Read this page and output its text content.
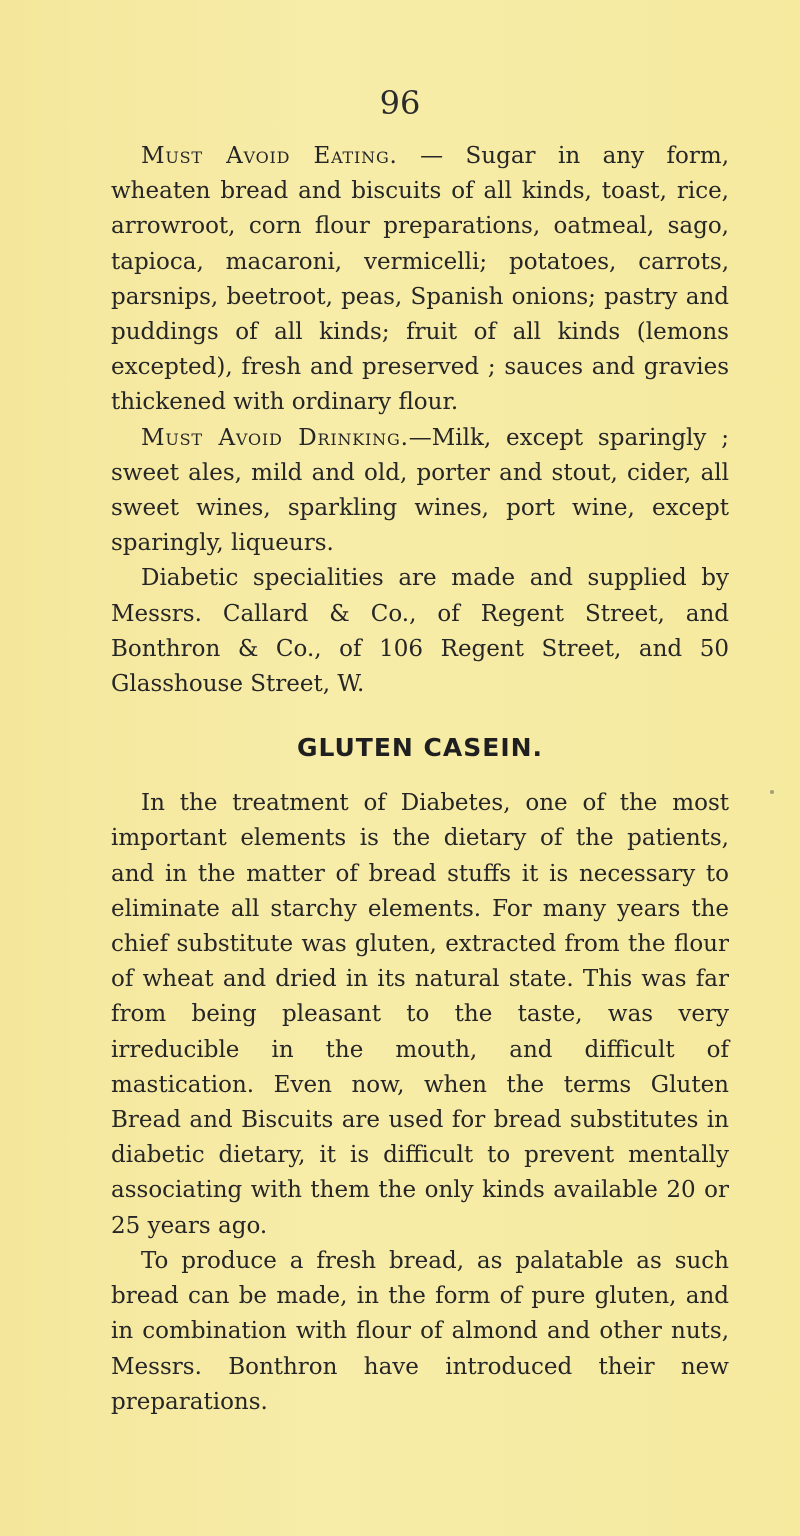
96

Must Avoid Eating. — Sugar in any form, wheaten bread and biscuits of all kinds, toast, rice, arrowroot, corn flour preparations, oatmeal, sago, tapioca, macaroni, vermicelli; potatoes, carrots, parsnips, beetroot, peas, Spanish onions; pastry and puddings of all kinds; fruit of all kinds (lemons excepted), fresh and preserved ; sauces and gravies thickened with ordinary flour.

Must Avoid Drinking.—Milk, except sparingly ; sweet ales, mild and old, porter and stout, cider, all sweet wines, sparkling wines, port wine, except sparingly, liqueurs.

Diabetic specialities are made and supplied by Messrs. Callard & Co., of Regent Street, and Bonthron & Co., of 106 Regent Street, and 50 Glasshouse Street, W.

GLUTEN CASEIN.

In the treatment of Diabetes, one of the most important elements is the dietary of the patients, and in the matter of bread stuffs it is necessary to eliminate all starchy elements. For many years the chief substitute was gluten, extracted from the flour of wheat and dried in its natural state. This was far from being pleasant to the taste, was very irreducible in the mouth, and difficult of mastication. Even now, when the terms Gluten Bread and Biscuits are used for bread substitutes in diabetic dietary, it is difficult to prevent mentally associating with them the only kinds available 20 or 25 years ago.

To produce a fresh bread, as palatable as such bread can be made, in the form of pure gluten, and in combination with flour of almond and other nuts, Messrs. Bonthron have introduced their new preparations.
